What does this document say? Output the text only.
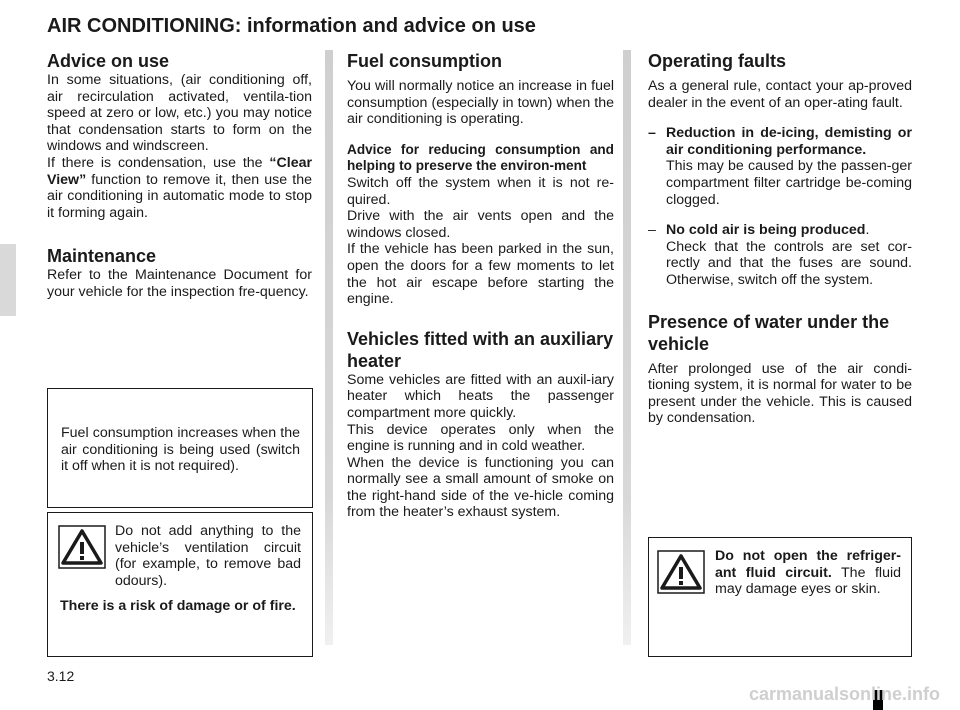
AIR CONDITIONING: information and advice on use
Advice on use

In some situations, (air conditioning off, air recirculation activated, ventila-tion speed at zero or low, etc.) you may notice that condensation starts to form on the windows and windscreen.

If there is condensation, use the “Clear View” function to remove it, then use the air conditioning in automatic mode to stop it forming again.

Maintenance

Refer to the Maintenance Document for your vehicle for the inspection fre-quency.

Fuel consumption increases when the air conditioning is being used (switch it off when it is not required).

Do not add anything to the vehicle’s ventilation circuit (for example, to remove bad odours).

There is a risk of damage or of fire.

Fuel consumption

You will normally notice an increase in fuel consumption (especially in town) when the air conditioning is operating.

Advice for reducing consumption and helping to preserve the environ-ment

Switch off the system when it is not re-quired.

Drive with the air vents open and the windows closed.

If the vehicle has been parked in the sun, open the doors for a few moments to let the hot air escape before starting the engine.

Vehicles fitted with an auxiliary heater

Some vehicles are fitted with an auxil-iary heater which heats the passenger compartment more quickly.

This device operates only when the engine is running and in cold weather.

When the device is functioning you can normally see a small amount of smoke on the right-hand side of the ve-hicle coming from the heater’s exhaust system.

Operating faults

As a general rule, contact your ap-proved dealer in the event of an oper-ating fault.

– Reduction in de-icing, demisting or air conditioning performance.

This may be caused by the passen-ger compartment filter cartridge be-coming clogged.

– No cold air is being produced.

Check that the controls are set cor-rectly and that the fuses are sound. Otherwise, switch off the system.

Presence of water under the vehicle

After prolonged use of the air condi-tioning system, it is normal for water to be present under the vehicle. This is caused by condensation.

Do not open the refriger-ant fluid circuit. The fluid may damage eyes or skin.

3.12
carmanualsonline.info
